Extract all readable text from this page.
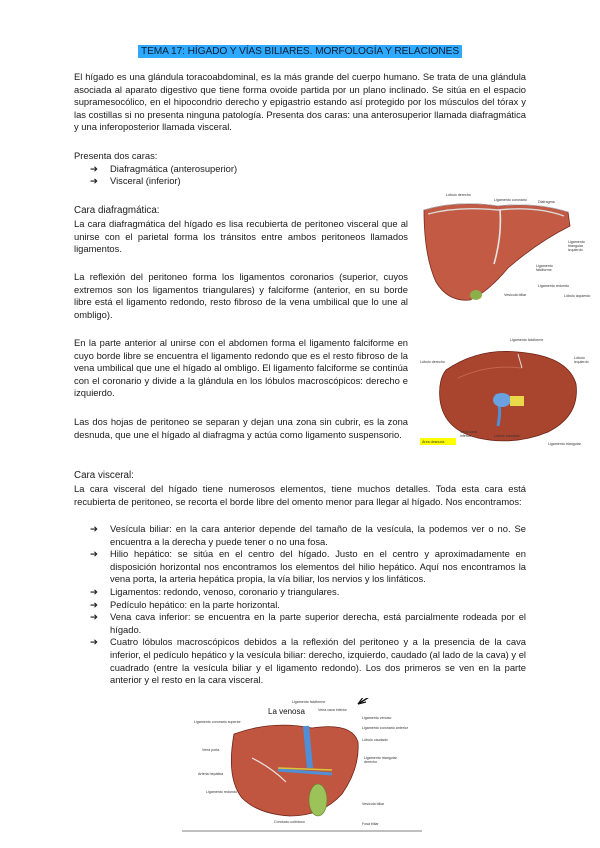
TEMA 17: HÍGADO Y VÍAS BILIARES. MORFOLOGÍA Y RELACIONES

El hígado es una glándula toracoabdominal, es la más grande del cuerpo humano. Se trata de una glándula asociada al aparato digestivo que tiene forma ovoide partida por un plano inclinado. Se sitúa en el espacio supramesocólico, en el hipocondrio derecho y epigastrio estando así protegido por los músculos del tórax y las costillas si no presenta ninguna patología. Presenta dos caras: una anterosuperior llamada diafragmática y una inferoposterior llamada visceral.

Presenta dos caras:

➔	Diafragmática (anterosuperior)
➔	Visceral (inferior)
Cara diafragmática:

La cara diafragmática del hígado es lisa recubierta de peritoneo visceral que al unirse con el parietal forma los tránsitos entre ambos peritoneos llamados ligamentos.

La reflexión del peritoneo forma los ligamentos coronarios (superior, cuyos extremos son los ligamentos triangulares) y falciforme (anterior, en su borde libre está el ligamento redondo, resto fibroso de la vena umbilical que lo une al ombligo).

En la parte anterior al unirse con el abdomen forma el ligamento falciforme en cuyo borde libre se encuentra el ligamento redondo que es el resto fibroso de la vena umbilical que une el hígado al ombligo. El ligamento falciforme se continúa con el coronario y divide a la glándula en los lóbulos macroscópicos: derecho e izquierdo.

Las dos hojas de peritoneo se separan y dejan una zona sin cubrir, es la zona desnuda, que une el hígado al diafragma y actúa como ligamento suspensorio.

Cara visceral:

La cara visceral del hígado tiene numerosos elementos, tiene muchos detalles. Toda esta cara está recubierta de peritoneo, se recorta el borde libre del omento menor para llegar al hígado. Nos encontramos:

➔	Vesícula biliar: en la cara anterior depende del tamaño de la vesícula, la podemos ver o no. Se encuentra a la derecha y puede tener o no una fosa.
➔	Hilio hepático: se sitúa en el centro del hígado. Justo en el centro y aproximadamente en disposición horizontal nos encontramos los elementos del hilio hepático. Aquí nos encontramos la vena porta, la arteria hepática propia, la vía biliar, los nervios y los linfáticos.
➔	Ligamentos: redondo, venoso, coronario y triangulares.
➔	Pedículo hepático: en la parte horizontal.
➔	Vena cava inferior: se encuentra en la parte superior derecha, está parcialmente rodeada por el hígado.
➔	Cuatro lóbulos macroscópicos debidos a la reflexión del peritoneo y a la presencia de la cava inferior, el pedículo hepático y la vesícula biliar: derecho, izquierdo, caudado (al lado de la cava) y el cuadrado (entre la vesícula biliar y el ligamento redondo). Los dos primeros se ven en la parte anterior y el resto en la cara visceral.
Lóbulo derecho
Ligamento coronario	Diafragma
Ligamento triangular izquierdo
Ligamento falciforme
Vesícula biliar
Ligamento redondo
Lóbulo izquierdo
Ligamento falciforme
Lóbulo derecho
Lóbulo izquierdo
Vena cava inferior
Área desnuda
Lóbulo caudado
Ligamento triangular
La venosa
Ligamento falciforme
Ligamento coronario superior
Vena cava inferior
Ligamento venoso
Ligamento coronario anterior
Lóbulo caudado
Ligamento triangular derecho
Vena porta
Arteria hepática
Ligamento redondo
Vesícula biliar
Conducto colédoco	Fosa biliar
